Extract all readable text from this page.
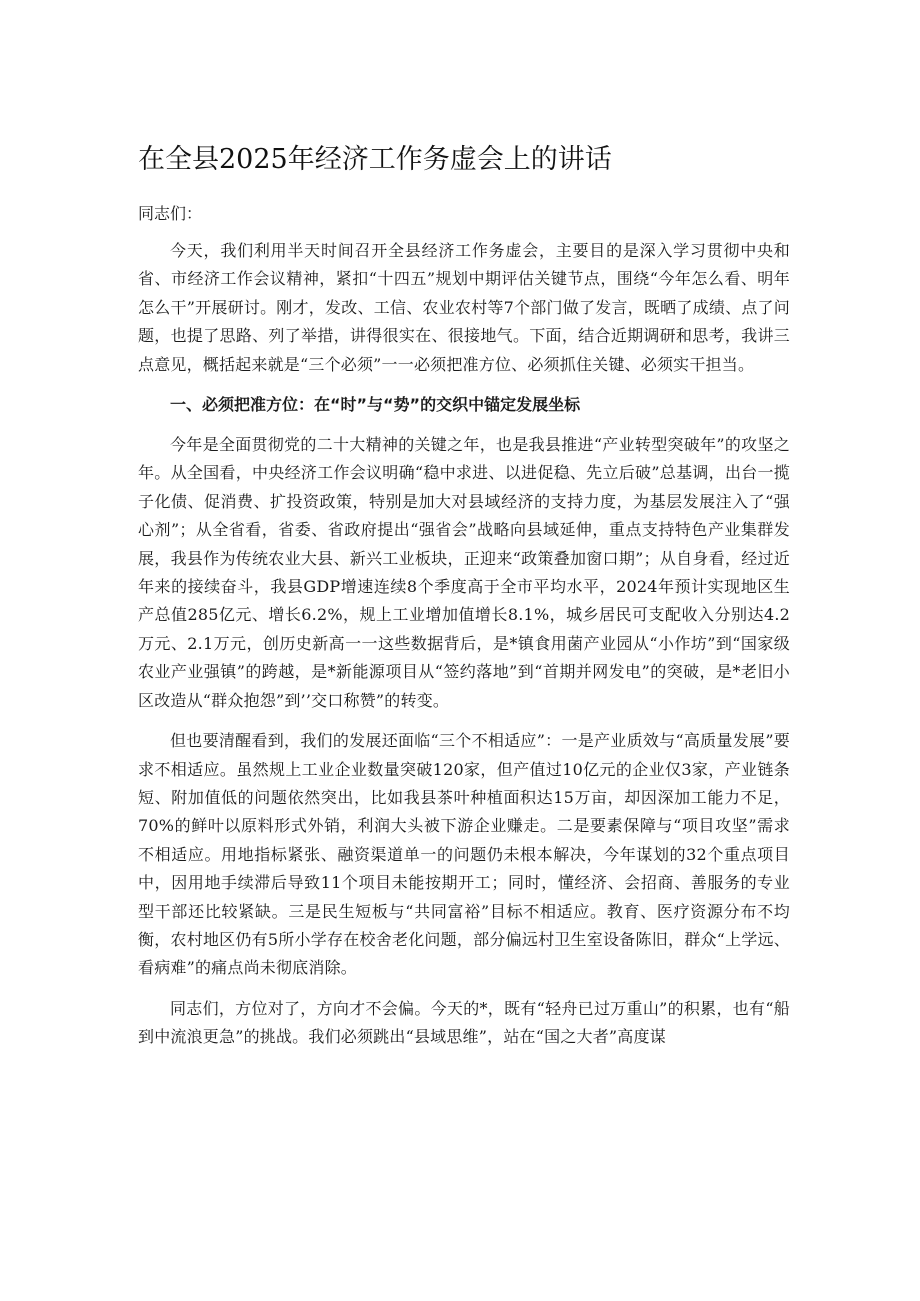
在全县2025年经济工作务虚会上的讲话

同志们：

今天，我们利用半天时间召开全县经济工作务虚会，主要目的是深入学习贯彻中央和省、市经济工作会议精神，紧扣“十四五”规划中期评估关键节点，围绕“今年怎么看、明年怎么干”开展研讨。刚才，发改、工信、农业农村等7个部门做了发言，既晒了成绩、点了问题，也提了思路、列了举措，讲得很实在、很接地气。下面，结合近期调研和思考，我讲三点意见，概括起来就是“三个必须”一一必须把准方位、必须抓住关键、必须实干担当。

一、必须把准方位：在“时”与“势”的交织中锚定发展坐标

今年是全面贯彻党的二十大精神的关键之年，也是我县推进“产业转型突破年”的攻坚之年。从全国看，中央经济工作会议明确“稳中求进、以进促稳、先立后破”总基调，出台一揽子化债、促消费、扩投资政策，特别是加大对县域经济的支持力度，为基层发展注入了“强心剂”；从全省看，省委、省政府提出“强省会”战略向县域延伸，重点支持特色产业集群发展，我县作为传统农业大县、新兴工业板块，正迎来“政策叠加窗口期”；从自身看，经过近年来的接续奋斗，我县GDP增速连续8个季度高于全市平均水平，2024年预计实现地区生产总值285亿元、增长6.2%，规上工业增加值增长8.1%，城乡居民可支配收入分别达4.2万元、2.1万元，创历史新高一一这些数据背后，是*镇食用菌产业园从“小作坊”到“国家级农业产业强镇”的跨越，是*新能源项目从“签约落地”到“首期并网发电”的突破，是*老旧小区改造从“群众抱怨”到’’交口称赞”的转变。

但也要清醒看到，我们的发展还面临“三个不相适应”：一是产业质效与“高质量发展”要求不相适应。虽然规上工业企业数量突破120家，但产值过10亿元的企业仅3家，产业链条短、附加值低的问题依然突出，比如我县茶叶种植面积达15万亩，却因深加工能力不足，70%的鲜叶以原料形式外销，利润大头被下游企业赚走。二是要素保障与“项目攻坚”需求不相适应。用地指标紧张、融资渠道单一的问题仍未根本解决，今年谋划的32个重点项目中，因用地手续滞后导致11个项目未能按期开工；同时，懂经济、会招商、善服务的专业型干部还比较紧缺。三是民生短板与“共同富裕”目标不相适应。教育、医疗资源分布不均衡，农村地区仍有5所小学存在校舍老化问题，部分偏远村卫生室设备陈旧，群众“上学远、看病难”的痛点尚未彻底消除。

同志们，方位对了，方向才不会偏。今天的*，既有“轻舟已过万重山”的积累，也有“船到中流浪更急”的挑战。我们必须跳出“县域思维”，站在“国之大者”高度谋
